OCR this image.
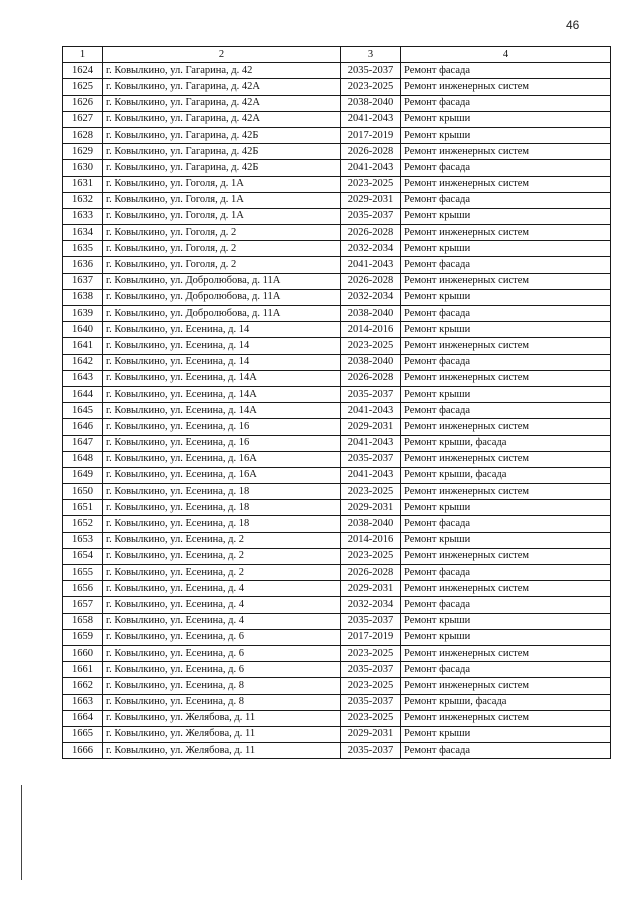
46
1	2	3	4
1624	г. Ковылкино, ул. Гагарина, д. 42	2035-2037	Ремонт фасада
1625	г. Ковылкино, ул. Гагарина, д. 42А	2023-2025	Ремонт инженерных систем
1626	г. Ковылкино, ул. Гагарина, д. 42А	2038-2040	Ремонт фасада
1627	г. Ковылкино, ул. Гагарина, д. 42А	2041-2043	Ремонт крыши
1628	г. Ковылкино, ул. Гагарина, д. 42Б	2017-2019	Ремонт крыши
1629	г. Ковылкино, ул. Гагарина, д. 42Б	2026-2028	Ремонт инженерных систем
1630	г. Ковылкино, ул. Гагарина, д. 42Б	2041-2043	Ремонт фасада
1631	г. Ковылкино, ул. Гоголя, д. 1А	2023-2025	Ремонт инженерных систем
1632	г. Ковылкино, ул. Гоголя, д. 1А	2029-2031	Ремонт фасада
1633	г. Ковылкино, ул. Гоголя, д. 1А	2035-2037	Ремонт крыши
1634	г. Ковылкино, ул. Гоголя, д. 2	2026-2028	Ремонт инженерных систем
1635	г. Ковылкино, ул. Гоголя, д. 2	2032-2034	Ремонт крыши
1636	г. Ковылкино, ул. Гоголя, д. 2	2041-2043	Ремонт фасада
1637	г. Ковылкино, ул. Добролюбова, д. 11А	2026-2028	Ремонт инженерных систем
1638	г. Ковылкино, ул. Добролюбова, д. 11А	2032-2034	Ремонт крыши
1639	г. Ковылкино, ул. Добролюбова, д. 11А	2038-2040	Ремонт фасада
1640	г. Ковылкино, ул. Есенина, д. 14	2014-2016	Ремонт крыши
1641	г. Ковылкино, ул. Есенина, д. 14	2023-2025	Ремонт инженерных систем
1642	г. Ковылкино, ул. Есенина, д. 14	2038-2040	Ремонт фасада
1643	г. Ковылкино, ул. Есенина, д. 14А	2026-2028	Ремонт инженерных систем
1644	г. Ковылкино, ул. Есенина, д. 14А	2035-2037	Ремонт крыши
1645	г. Ковылкино, ул. Есенина, д. 14А	2041-2043	Ремонт фасада
1646	г. Ковылкино, ул. Есенина, д. 16	2029-2031	Ремонт инженерных систем
1647	г. Ковылкино, ул. Есенина, д. 16	2041-2043	Ремонт крыши, фасада
1648	г. Ковылкино, ул. Есенина, д. 16А	2035-2037	Ремонт инженерных систем
1649	г. Ковылкино, ул. Есенина, д. 16А	2041-2043	Ремонт крыши, фасада
1650	г. Ковылкино, ул. Есенина, д. 18	2023-2025	Ремонт инженерных систем
1651	г. Ковылкино, ул. Есенина, д. 18	2029-2031	Ремонт крыши
1652	г. Ковылкино, ул. Есенина, д. 18	2038-2040	Ремонт фасада
1653	г. Ковылкино, ул. Есенина, д. 2	2014-2016	Ремонт крыши
1654	г. Ковылкино, ул. Есенина, д. 2	2023-2025	Ремонт инженерных систем
1655	г. Ковылкино, ул. Есенина, д. 2	2026-2028	Ремонт фасада
1656	г. Ковылкино, ул. Есенина, д. 4	2029-2031	Ремонт инженерных систем
1657	г. Ковылкино, ул. Есенина, д. 4	2032-2034	Ремонт фасада
1658	г. Ковылкино, ул. Есенина, д. 4	2035-2037	Ремонт крыши
1659	г. Ковылкино, ул. Есенина, д. 6	2017-2019	Ремонт крыши
1660	г. Ковылкино, ул. Есенина, д. 6	2023-2025	Ремонт инженерных систем
1661	г. Ковылкино, ул. Есенина, д. 6	2035-2037	Ремонт фасада
1662	г. Ковылкино, ул. Есенина, д. 8	2023-2025	Ремонт инженерных систем
1663	г. Ковылкино, ул. Есенина, д. 8	2035-2037	Ремонт крыши, фасада
1664	г. Ковылкино, ул. Желябова, д. 11	2023-2025	Ремонт инженерных систем
1665	г. Ковылкино, ул. Желябова, д. 11	2029-2031	Ремонт крыши
1666	г. Ковылкино, ул. Желябова, д. 11	2035-2037	Ремонт фасада
